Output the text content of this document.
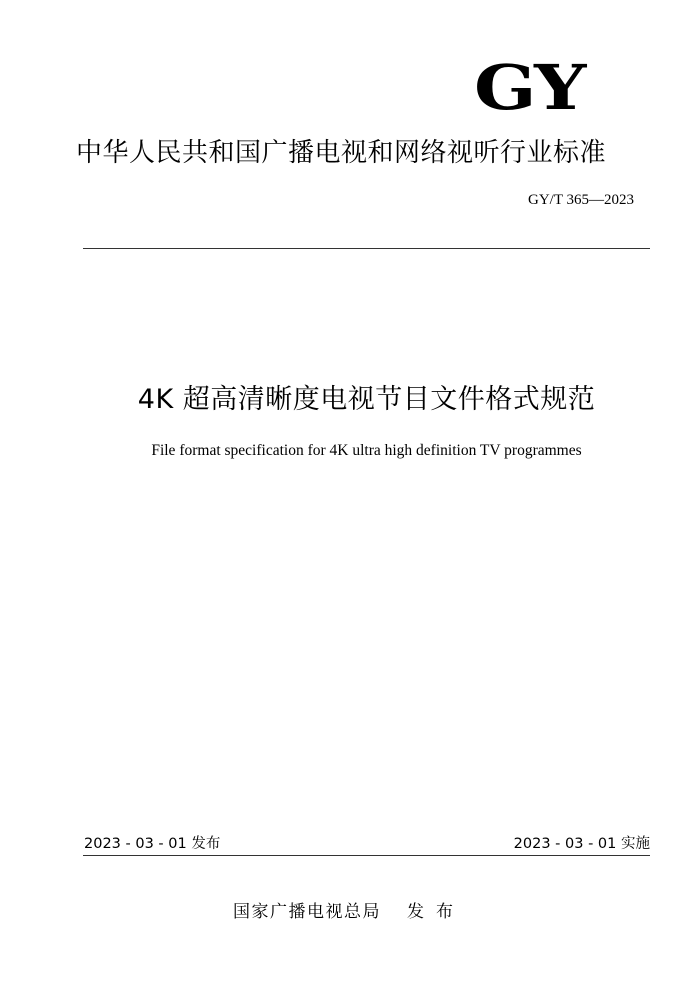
GY
中华人民共和国广播电视和网络视听行业标准
GY/T 365—2023
4K 超高清晰度电视节目文件格式规范
File format specification for 4K ultra high definition TV programmes
2023 - 03 - 01 发布	2023 - 03 - 01 实施
国家广播电视总局 发布
